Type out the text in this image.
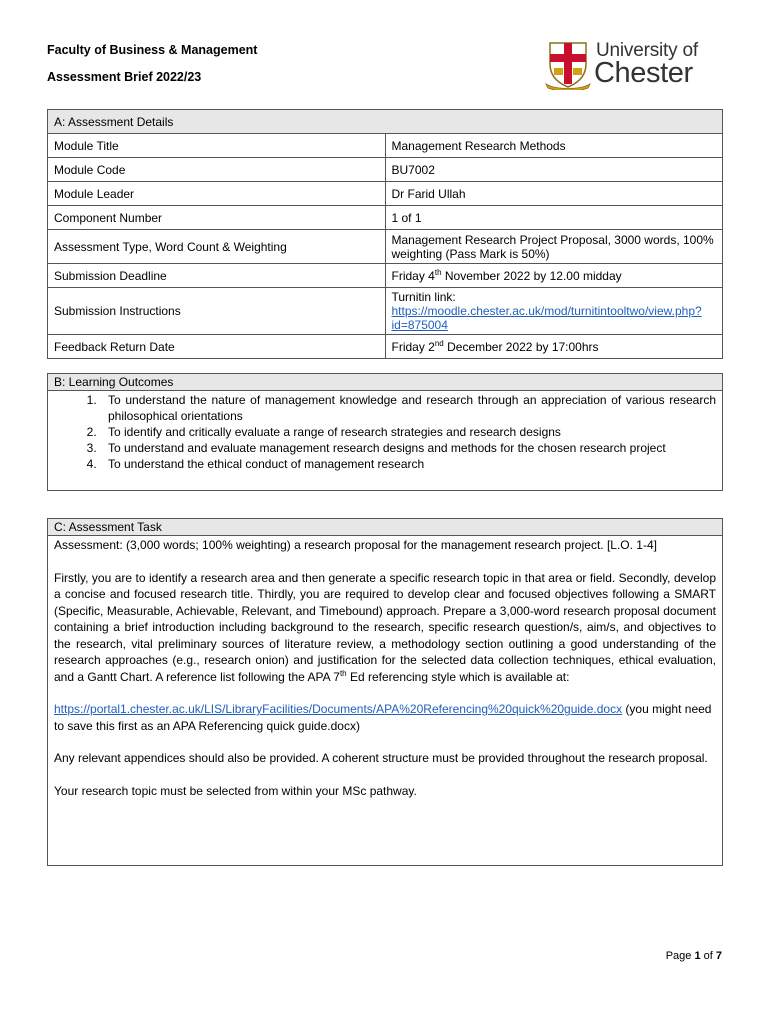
Faculty of Business & Management
Assessment Brief 2022/23
University of
Chester
A: Assessment Details	
Module Title	Management Research Methods
Module Code	BU7002
Module Leader	Dr Farid Ullah
Component Number	1 of 1
Assessment Type, Word Count & Weighting	Management Research Project Proposal, 3000 words, 100% weighting (Pass Mark is 50%)
Submission Deadline	Friday 4th November 2022 by 12.00 midday
Submission Instructions	Turnitin link:
https://moodle.chester.ac.uk/mod/turnitintooltwo/view.php?id=875004
Feedback Return Date	Friday 2nd December 2022 by 17:00hrs
B: Learning Outcomes

1. To understand the nature of management knowledge and research through an appreciation of various research philosophical orientations
2. To identify and critically evaluate a range of research strategies and research designs
3. To understand and evaluate management research designs and methods for the chosen research project
4. To understand the ethical conduct of management research
C: Assessment Task

Assessment: (3,000 words; 100% weighting) a research proposal for the management research project. [L.O. 1-4]

Firstly, you are to identify a research area and then generate a specific research topic in that area or field. Secondly, develop a concise and focused research title. Thirdly, you are required to develop clear and focused objectives following a SMART (Specific, Measurable, Achievable, Relevant, and Timebound) approach. Prepare a 3,000-word research proposal document containing a brief introduction including background to the research, specific research question/s, aim/s, and objectives to the research, vital preliminary sources of literature review, a methodology section outlining a good understanding of the research approaches (e.g., research onion) and justification for the selected data collection techniques, ethical evaluation, and a Gantt Chart. A reference list following the APA 7th Ed referencing style which is available at:

https://portal1.chester.ac.uk/LIS/LibraryFacilities/Documents/APA%20Referencing%20quick%20guide.docx (you might need to save this first as an APA Referencing quick guide.docx)

Any relevant appendices should also be provided. A coherent structure must be provided throughout the research proposal.

Your research topic must be selected from within your MSc pathway.

Page 1 of 7
